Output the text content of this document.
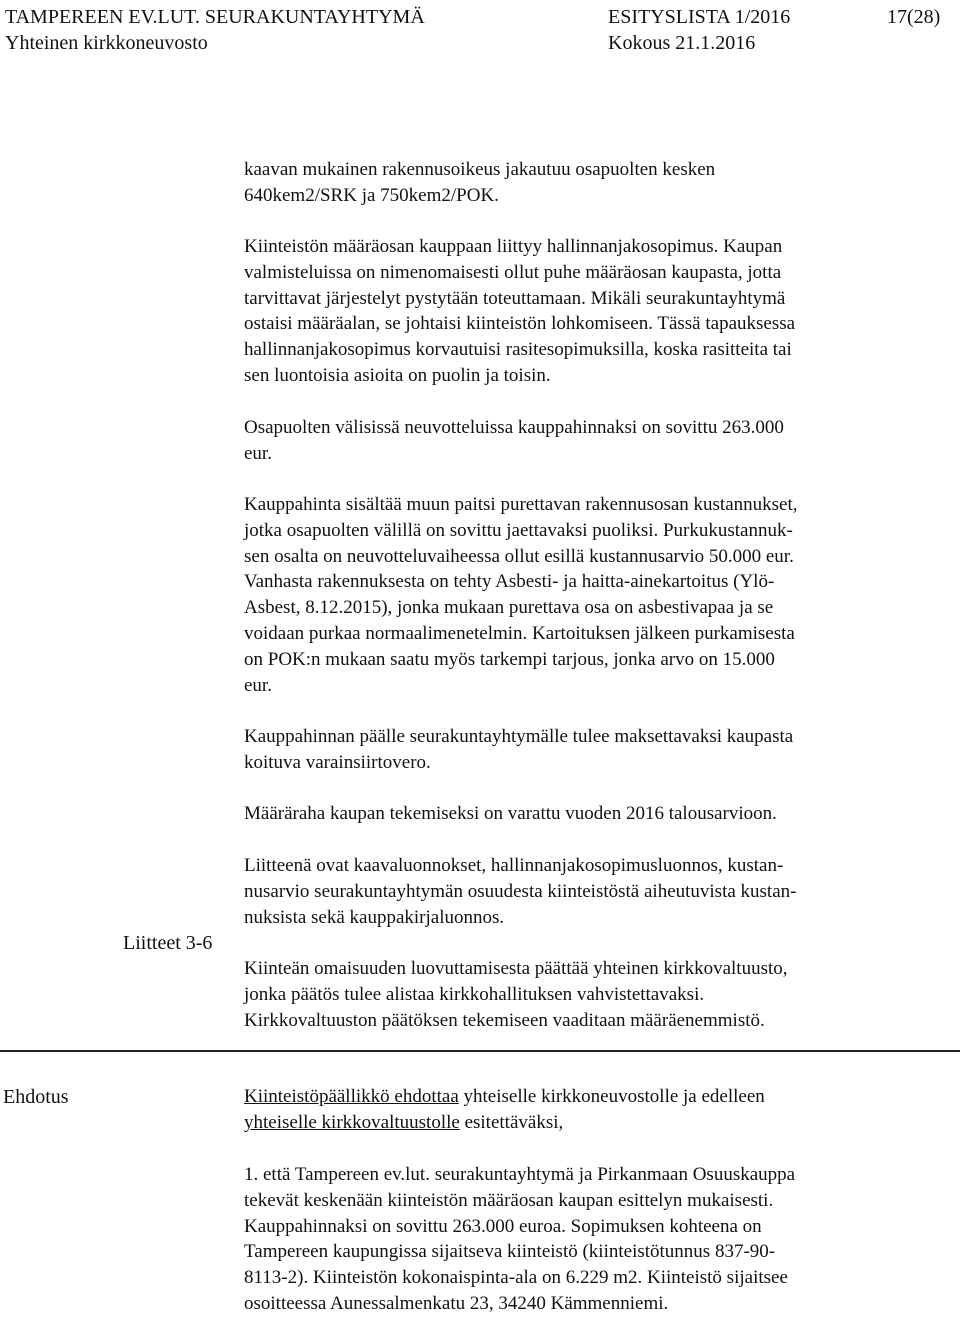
TAMPEREEN EV.LUT. SEURAKUNTAYHTYMÄ	ESITYSLISTA 1/2016	17(28)
Yhteinen kirkkoneuvosto	Kokous 21.1.2016

kaavan mukainen rakennusoikeus jakautuu osapuolten kesken
640kem2/SRK ja 750kem2/POK.

Kiinteistön määräosan kauppaan liittyy hallinnanjakosopimus. Kaupan
valmisteluissa on nimenomaisesti ollut puhe määräosan kaupasta, jotta
tarvittavat järjestelyt pystytään toteuttamaan. Mikäli seurakuntayhtymä
ostaisi määräalan, se johtaisi kiinteistön lohkomiseen. Tässä tapauksessa
hallinnanjakosopimus korvautuisi rasitesopimuksilla, koska rasitteita tai
sen luontoisia asioita on puolin ja toisin.

Osapuolten välisissä neuvotteluissa kauppahinnaksi on sovittu 263.000
eur.

Kauppahinta sisältää muun paitsi purettavan rakennusosan kustannukset,
jotka osapuolten välillä on sovittu jaettavaksi puoliksi. Purkukustannuk-
sen osalta on neuvotteluvaiheessa ollut esillä kustannusarvio 50.000 eur.
Vanhasta rakennuksesta on tehty Asbesti- ja haitta-ainekartoitus (Ylö-
Asbest, 8.12.2015), jonka mukaan purettava osa on asbestivapaa ja se
voidaan purkaa normaalimenetelmin. Kartoituksen jälkeen purkamisesta
on POK:n mukaan saatu myös tarkempi tarjous, jonka arvo on 15.000
eur.

Kauppahinnan päälle seurakuntayhtymälle tulee maksettavaksi kaupasta
koituva varainsiirtovero.

Määräraha kaupan tekemiseksi on varattu vuoden 2016 talousarvioon.

Liitteenä ovat kaavaluonnokset, hallinnanjakosopimusluonnos, kustan-
nusarvio seurakuntayhtymän osuudesta kiinteistöstä aiheutuvista kustan-
nuksista sekä kauppakirjaluonnos.

Liitteet 3-6

Kiinteän omaisuuden luovuttamisesta päättää yhteinen kirkkovaltuusto,
jonka päätös tulee alistaa kirkkohallituksen vahvistettavaksi.
Kirkkovaltuuston päätöksen tekemiseen vaaditaan määräenemmistö.

Ehdotus	Kiinteistöpäällikkö ehdottaa yhteiselle kirkkoneuvostolle ja edelleen
yhteiselle kirkkovaltuustolle esitettäväksi,

1. että Tampereen ev.lut. seurakuntayhtymä ja Pirkanmaan Osuuskauppa
tekevät keskenään kiinteistön määräosan kaupan esittelyn mukaisesti.
Kauppahinnaksi on sovittu 263.000 euroa. Sopimuksen kohteena on
Tampereen kaupungissa sijaitseva kiinteistö (kiinteistötunnus 837-90-
8113-2). Kiinteistön kokonaispinta-ala on 6.229 m2. Kiinteistö sijaitsee
osoitteessa Aunessalmenkatu 23, 34240 Kämmenniemi.
